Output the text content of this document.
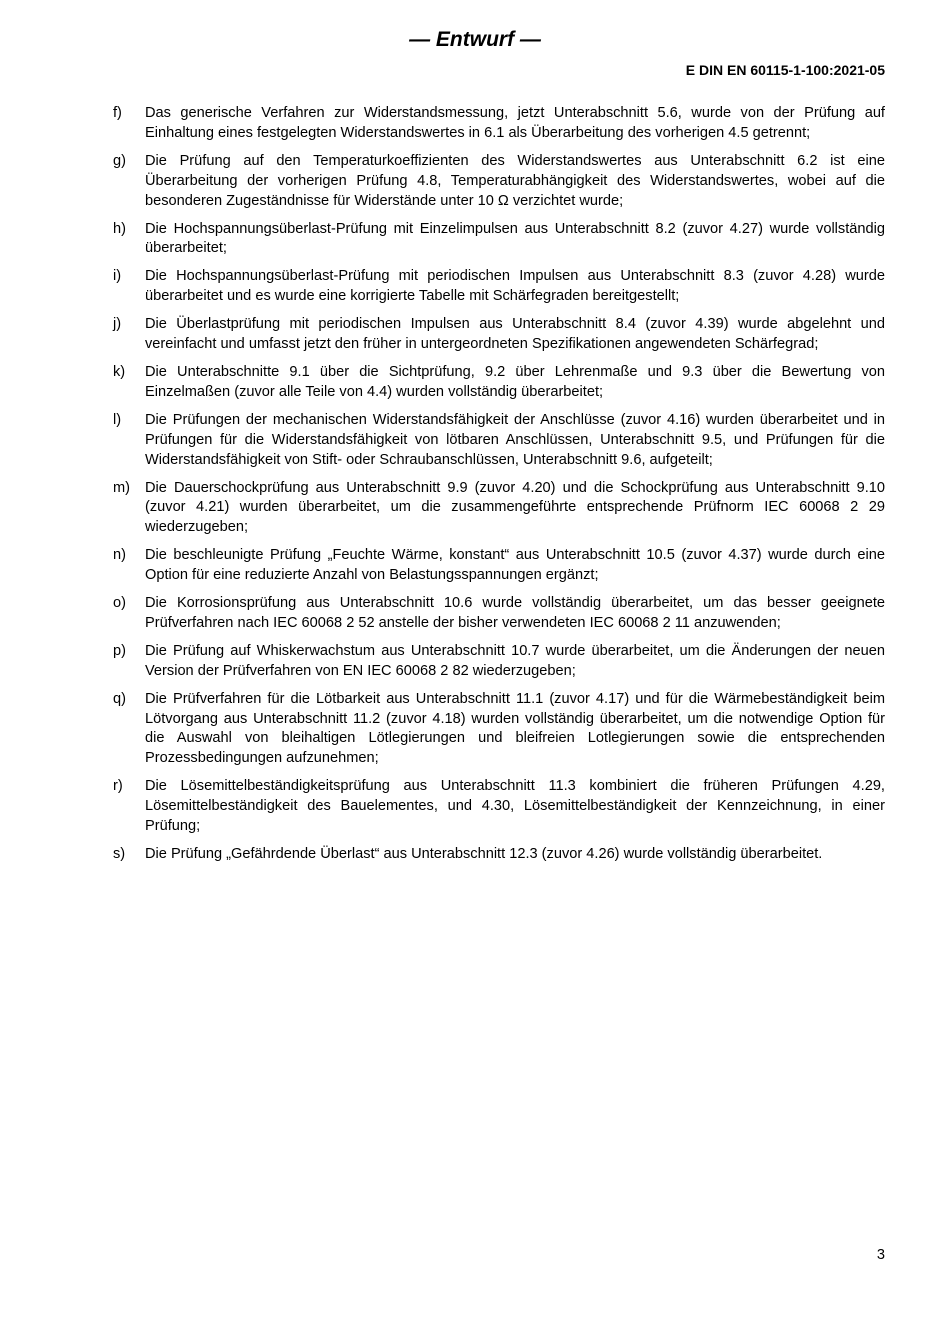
— Entwurf —
E DIN EN 60115-1-100:2021-05
f)	Das generische Verfahren zur Widerstandsmessung, jetzt Unterabschnitt 5.6, wurde von der Prüfung auf Einhaltung eines festgelegten Widerstandswertes in 6.1 als Überarbeitung des vorherigen 4.5 getrennt;
g)	Die Prüfung auf den Temperaturkoeffizienten des Widerstandswertes aus Unterabschnitt 6.2 ist eine Überarbeitung der vorherigen Prüfung 4.8, Temperaturabhängigkeit des Widerstandswertes, wobei auf die besonderen Zugeständnisse für Widerstände unter 10 Ω verzichtet wurde;
h)	Die Hochspannungsüberlast-Prüfung mit Einzelimpulsen aus Unterabschnitt 8.2 (zuvor 4.27) wurde vollständig überarbeitet;
i)	Die Hochspannungsüberlast-Prüfung mit periodischen Impulsen aus Unterabschnitt 8.3 (zuvor 4.28) wurde überarbeitet und es wurde eine korrigierte Tabelle mit Schärfegraden bereitgestellt;
j)	Die Überlastprüfung mit periodischen Impulsen aus Unterabschnitt 8.4 (zuvor 4.39) wurde abgelehnt und vereinfacht und umfasst jetzt den früher in untergeordneten Spezifikationen angewendeten Schärfegrad;
k)	Die Unterabschnitte 9.1 über die Sichtprüfung, 9.2 über Lehrenmaße und 9.3 über die Bewertung von Einzelmaßen (zuvor alle Teile von 4.4) wurden vollständig überarbeitet;
l)	Die Prüfungen der mechanischen Widerstandsfähigkeit der Anschlüsse (zuvor 4.16) wurden überarbeitet und in Prüfungen für die Widerstandsfähigkeit von lötbaren Anschlüssen, Unterabschnitt 9.5, und Prüfungen für die Widerstandsfähigkeit von Stift- oder Schraubanschlüssen, Unterabschnitt 9.6, aufgeteilt;
m)	Die Dauerschockprüfung aus Unterabschnitt 9.9 (zuvor 4.20) und die Schockprüfung aus Unterabschnitt 9.10 (zuvor 4.21) wurden überarbeitet, um die zusammengeführte entsprechende Prüfnorm IEC 60068 2 29 wiederzugeben;
n)	Die beschleunigte Prüfung „Feuchte Wärme, konstant“ aus Unterabschnitt 10.5 (zuvor 4.37) wurde durch eine Option für eine reduzierte Anzahl von Belastungsspannungen ergänzt;
o)	Die Korrosionsprüfung aus Unterabschnitt 10.6 wurde vollständig überarbeitet, um das besser geeignete Prüfverfahren nach IEC 60068 2 52 anstelle der bisher verwendeten IEC 60068 2 11 anzuwenden;
p)	Die Prüfung auf Whiskerwachstum aus Unterabschnitt 10.7 wurde überarbeitet, um die Änderungen der neuen Version der Prüfverfahren von EN IEC 60068 2 82 wiederzugeben;
q)	Die Prüfverfahren für die Lötbarkeit aus Unterabschnitt 11.1 (zuvor 4.17) und für die Wärmebeständigkeit beim Lötvorgang aus Unterabschnitt 11.2 (zuvor 4.18) wurden vollständig überarbeitet, um die notwendige Option für die Auswahl von bleihaltigen Lötlegierungen und bleifreien Lotlegierungen sowie die entsprechenden Prozessbedingungen aufzunehmen;
r)	Die Lösemittelbeständigkeitsprüfung aus Unterabschnitt 11.3 kombiniert die früheren Prüfungen 4.29, Lösemittelbeständigkeit des Bauelementes, und 4.30, Lösemittelbeständigkeit der Kennzeichnung, in einer Prüfung;
s)	Die Prüfung „Gefährdende Überlast“ aus Unterabschnitt 12.3 (zuvor 4.26) wurde vollständig überarbeitet.
3
